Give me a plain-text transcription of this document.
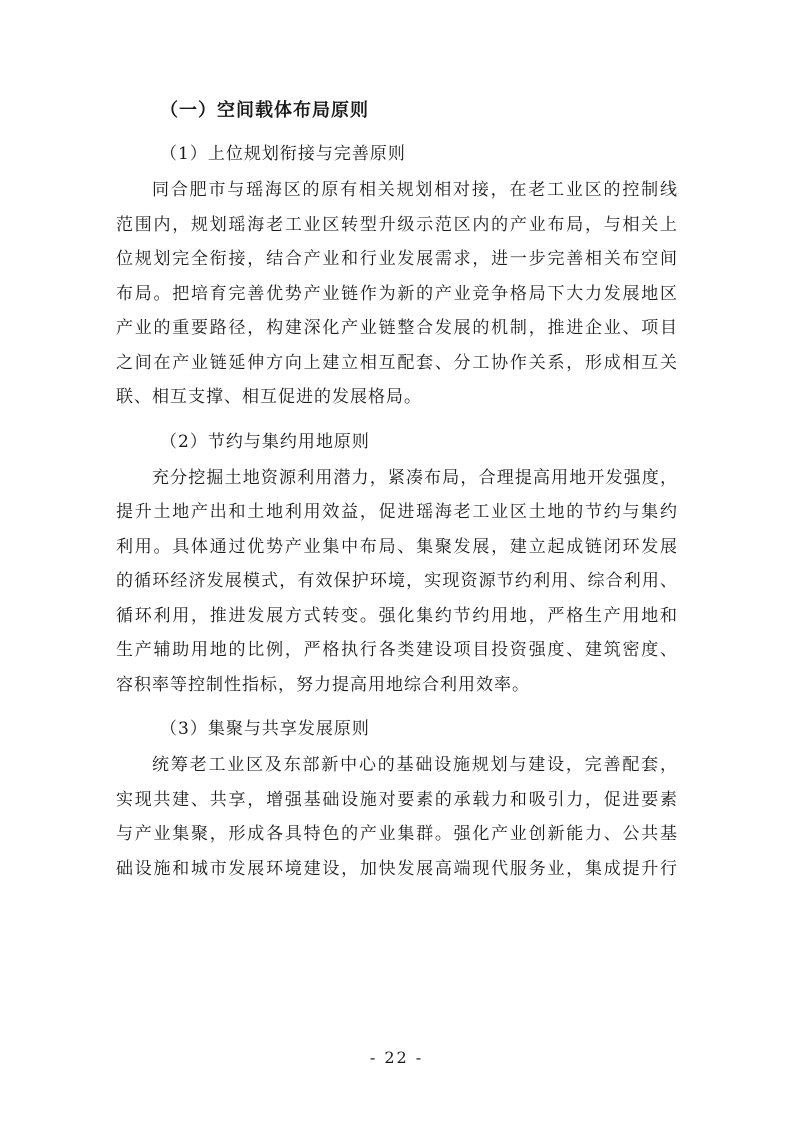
（一）空间载体布局原则
（1）上位规划衔接与完善原则
同合肥市与瑶海区的原有相关规划相对接，在老工业区的控制线
范围内，规划瑶海老工业区转型升级示范区内的产业布局，与相关上
位规划完全衔接，结合产业和行业发展需求，进一步完善相关布空间
布局。把培育完善优势产业链作为新的产业竞争格局下大力发展地区
产业的重要路径，构建深化产业链整合发展的机制，推进企业、项目
之间在产业链延伸方向上建立相互配套、分工协作关系，形成相互关
联、相互支撑、相互促进的发展格局。
（2）节约与集约用地原则
充分挖掘土地资源利用潜力，紧凑布局，合理提高用地开发强度，
提升土地产出和土地利用效益，促进瑶海老工业区土地的节约与集约
利用。具体通过优势产业集中布局、集聚发展，建立起成链闭环发展
的循环经济发展模式，有效保护环境，实现资源节约利用、综合利用、
循环利用，推进发展方式转变。强化集约节约用地，严格生产用地和
生产辅助用地的比例，严格执行各类建设项目投资强度、建筑密度、
容积率等控制性指标，努力提高用地综合利用效率。
（3）集聚与共享发展原则
统筹老工业区及东部新中心的基础设施规划与建设，完善配套，
实现共建、共享，增强基础设施对要素的承载力和吸引力，促进要素
与产业集聚，形成各具特色的产业集群。强化产业创新能力、公共基
础设施和城市发展环境建设，加快发展高端现代服务业，集成提升行
- 22 -
